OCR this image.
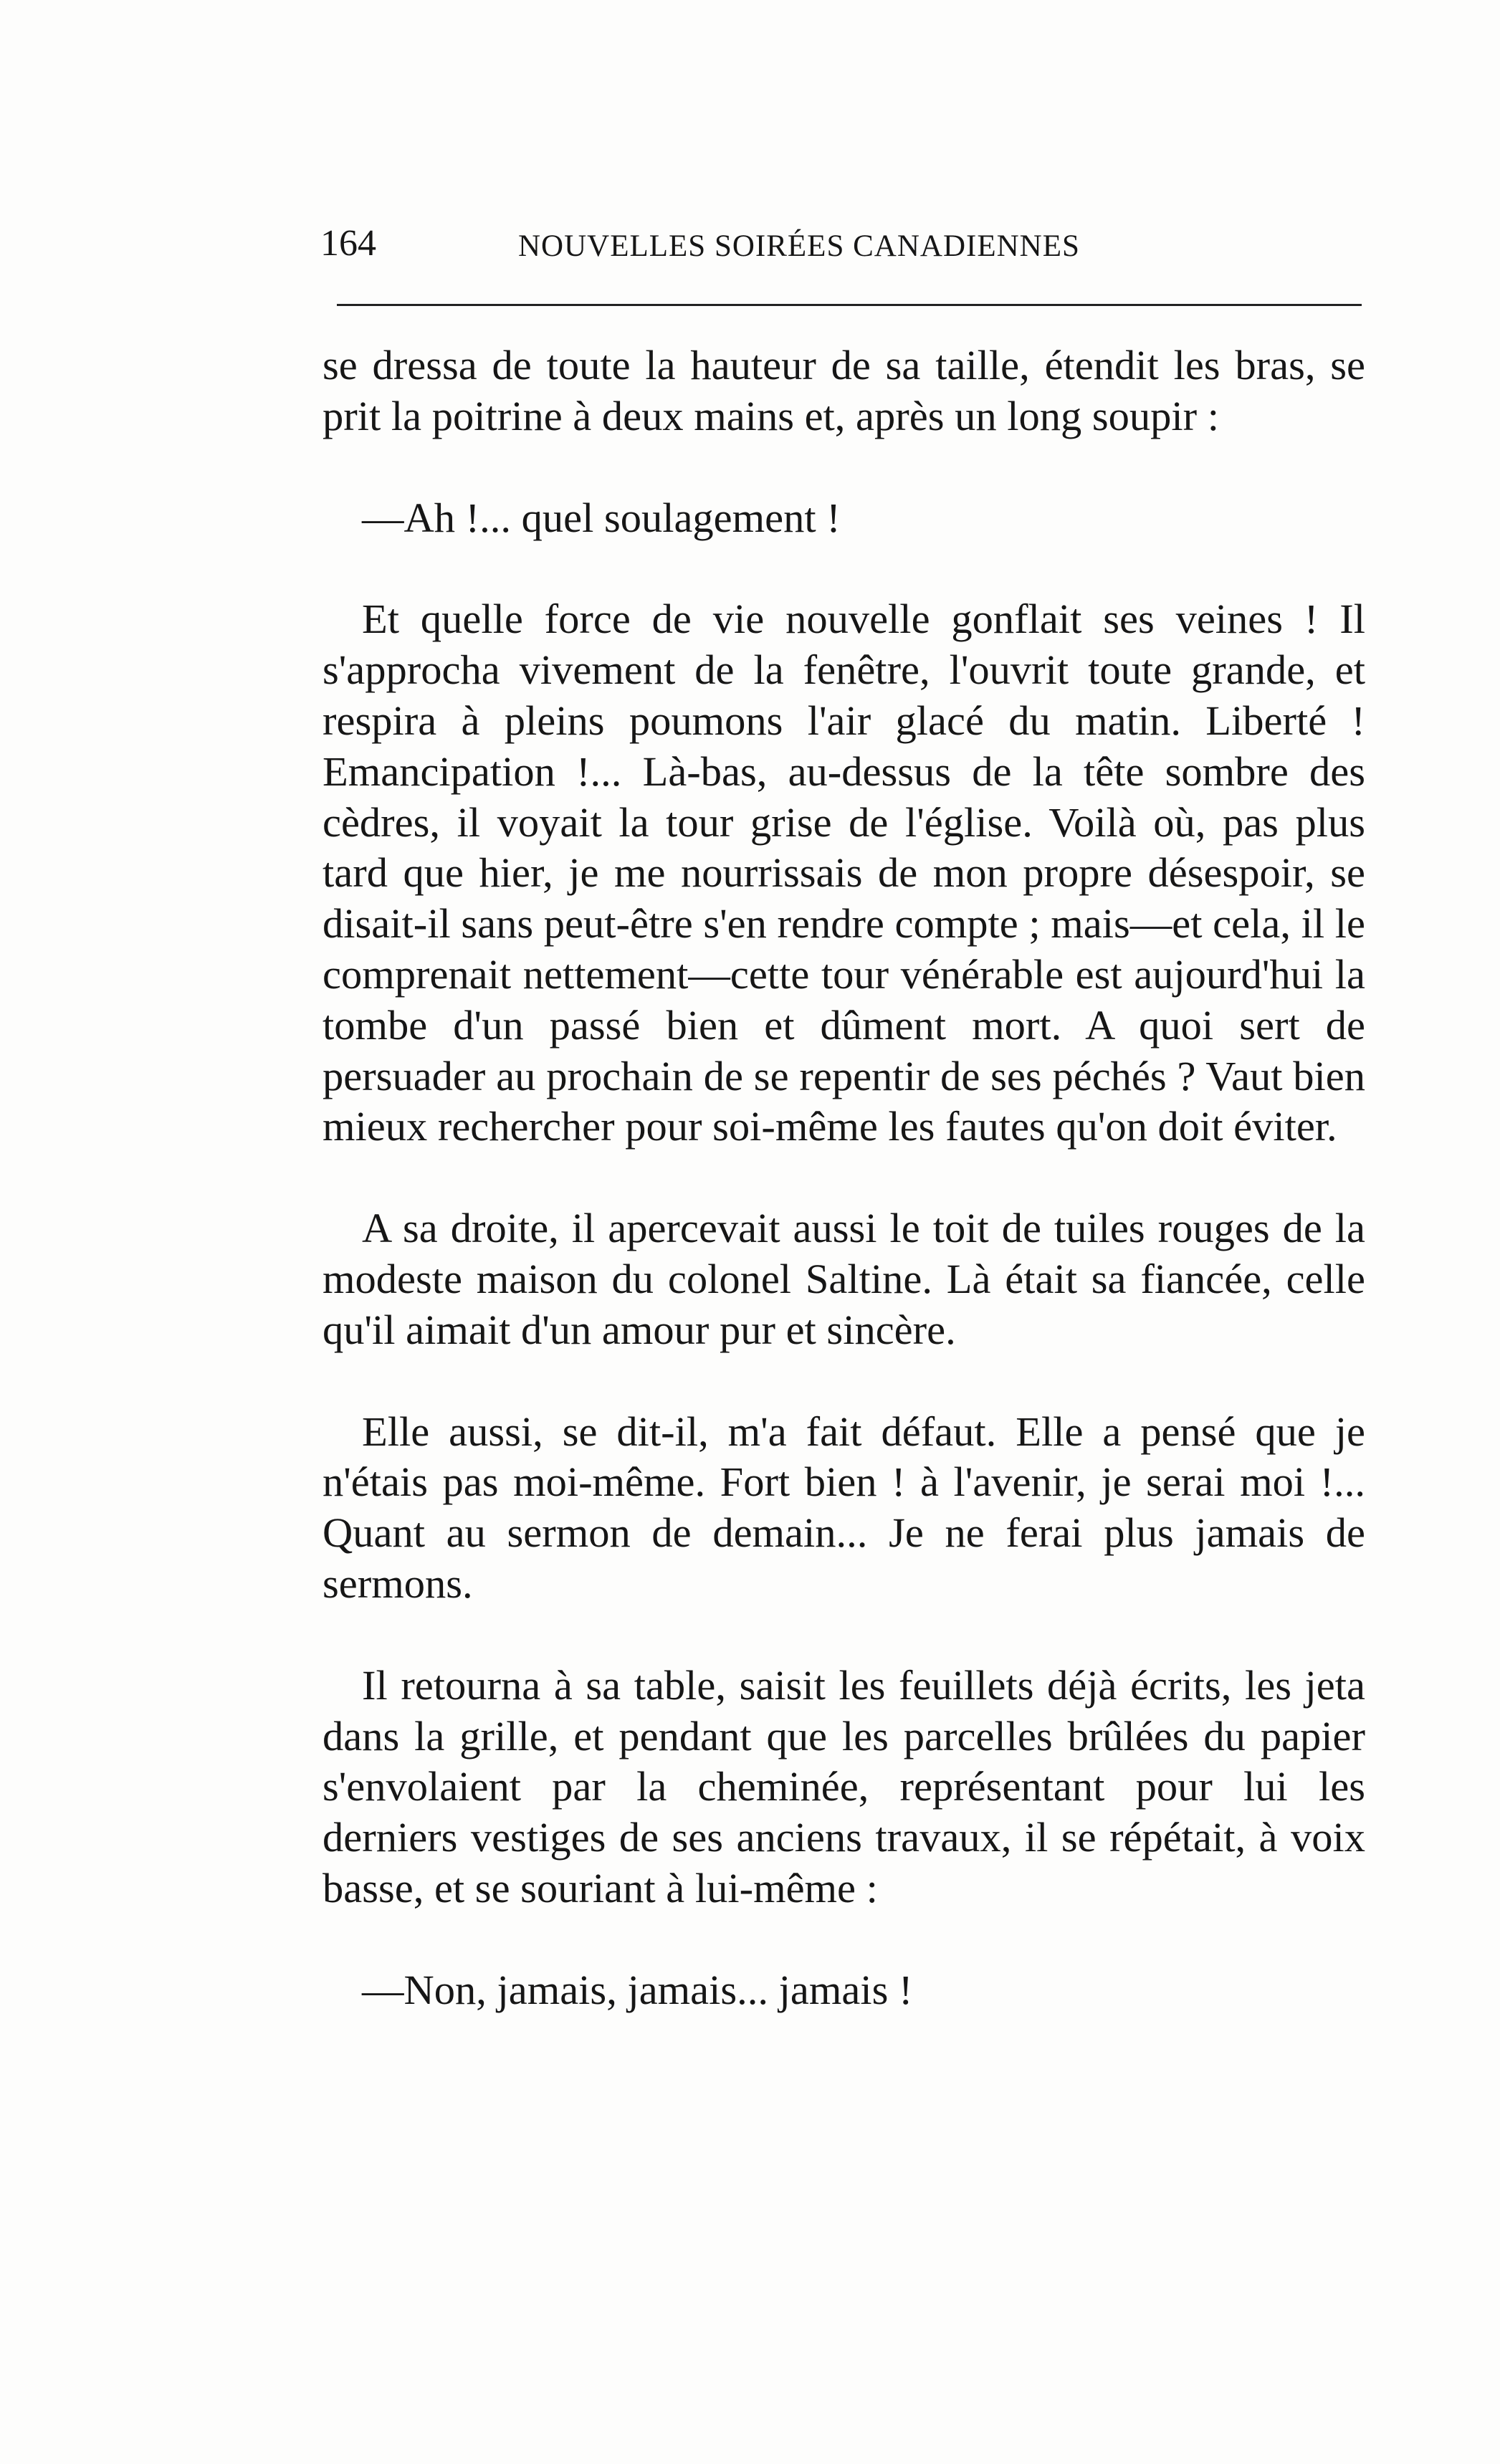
164	NOUVELLES SOIRÉES CANADIENNES

se dressa de toute la hauteur de sa taille, étendit les bras, se prit la poitrine à deux mains et, après un long soupir :

—Ah !... quel soulagement !

Et quelle force de vie nouvelle gonflait ses veines ! Il s'approcha vivement de la fenêtre, l'ouvrit toute grande, et respira à pleins poumons l'air glacé du matin. Liberté ! Emancipation !... Là-bas, au-dessus de la tête sombre des cèdres, il voyait la tour grise de l'église. Voilà où, pas plus tard que hier, je me nourrissais de mon propre désespoir, se disait-il sans peut-être s'en rendre compte ; mais—et cela, il le comprenait nettement—cette tour vénérable est aujourd'hui la tombe d'un passé bien et dûment mort. A quoi sert de persuader au prochain de se repentir de ses péchés ? Vaut bien mieux rechercher pour soi-même les fautes qu'on doit éviter.

A sa droite, il apercevait aussi le toit de tuiles rouges de la modeste maison du colonel Saltine. Là était sa fiancée, celle qu'il aimait d'un amour pur et sincère.

Elle aussi, se dit-il, m'a fait défaut. Elle a pensé que je n'étais pas moi-même. Fort bien ! à l'avenir, je serai moi !... Quant au sermon de demain... Je ne ferai plus jamais de sermons.

Il retourna à sa table, saisit les feuillets déjà écrits, les jeta dans la grille, et pendant que les parcelles brûlées du papier s'envolaient par la cheminée, représentant pour lui les derniers vestiges de ses anciens travaux, il se répétait, à voix basse, et se souriant à lui-même :

—Non, jamais, jamais... jamais !
